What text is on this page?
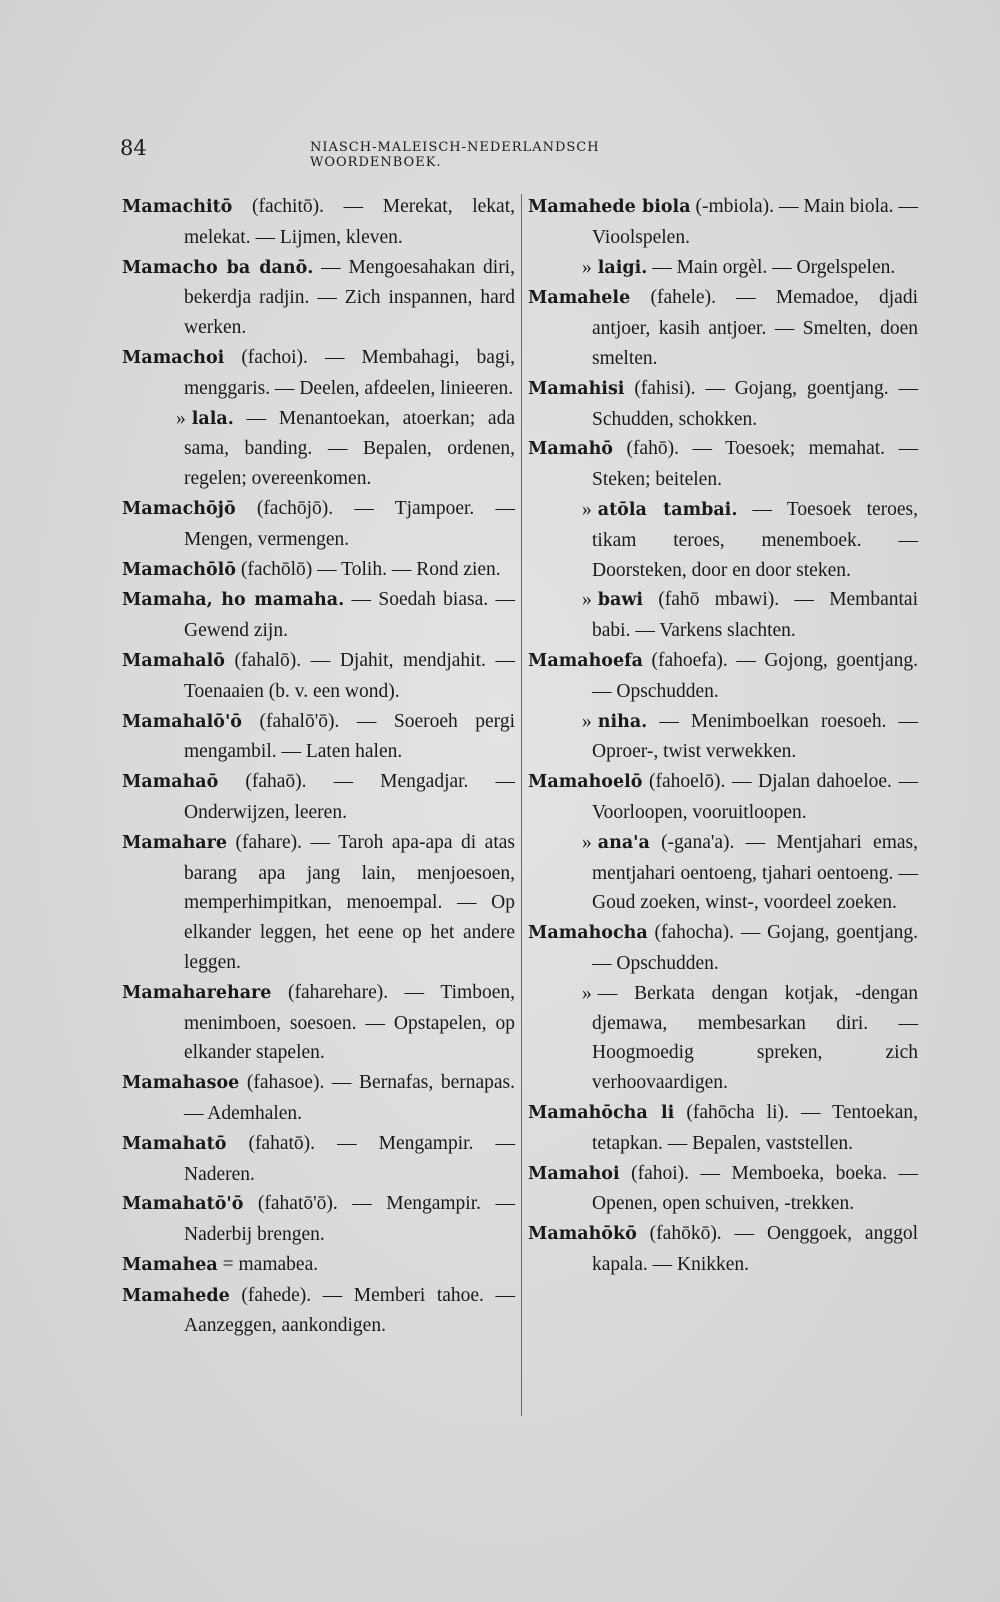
84	NIASCH-MALEISCH-NEDERLANDSCH WOORDENBOEK.

Mamachitō (fachitō). — Merekat, lekat, melekat. — Lijmen, kleven.

Mamacho ba danō. — Mengoesahakan diri, bekerdja radjin. — Zich inspannen, hard werken.

Mamachoi (fachoi). — Membahagi, bagi, menggaris. — Deelen, afdeelen, linieeren.

» lala. — Menantoekan, atoerkan; ada sama, banding. — Bepalen, ordenen, regelen; overeenkomen.

Mamachōjō (fachōjō). — Tjampoer. — Mengen, vermengen.

Mamachōlō (fachōlō) — Tolih. — Rond zien.

Mamaha, ho mamaha. — Soedah biasa. — Gewend zijn.

Mamahalō (fahalō). — Djahit, mendjahit. — Toenaaien (b. v. een wond).

Mamahalō'ō (fahalō'ō). — Soeroeh pergi mengambil. — Laten halen.

Mamahaō (fahaō). — Mengadjar. — Onderwijzen, leeren.

Mamahare (fahare). — Taroh apa-apa di atas barang apa jang lain, menjoesoen, memperhimpitkan, menoempal. — Op elkander leggen, het eene op het andere leggen.

Mamaharehare (faharehare). — Timboen, menimboen, soesoen. — Opstapelen, op elkander stapelen.

Mamahasoe (fahasoe). — Bernafas, bernapas. — Ademhalen.

Mamahatō (fahatō). — Mengampir. — Naderen.

Mamahatō'ō (fahatō'ō). — Mengampir. — Naderbij brengen.

Mamahea = mamabea.

Mamahede (fahede). — Memberi tahoe. — Aanzeggen, aankondigen.

Mamahede biola (-mbiola). — Main biola. — Vioolspelen.

» laigi. — Main orgèl. — Orgelspelen.

Mamahele (fahele). — Memadoe, djadi antjoer, kasih antjoer. — Smelten, doen smelten.

Mamahisi (fahisi). — Gojang, goentjang. — Schudden, schokken.

Mamahō (fahō). — Toesoek; memahat. — Steken; beitelen.

» atōla tambai. — Toesoek teroes, tikam teroes, menemboek. — Doorsteken, door en door steken.

» bawi (fahō mbawi). — Membantai babi. — Varkens slachten.

Mamahoefa (fahoefa). — Gojong, goentjang. — Opschudden.

» niha. — Menimboelkan roesoeh. — Oproer-, twist verwekken.

Mamahoelō (fahoelō). — Djalan dahoeloe. — Voorloopen, vooruitloopen.

» ana'a (-gana'a). — Mentjahari emas, mentjahari oentoeng, tjahari oentoeng. — Goud zoeken, winst-, voordeel zoeken.

Mamahocha (fahocha). — Gojang, goentjang. — Opschudden.

» — Berkata dengan kotjak, -dengan djemawa, membesarkan diri. — Hoogmoedig spreken, zich verhoovaardigen.

Mamahōcha li (fahōcha li). — Tentoekan, tetapkan. — Bepalen, vaststellen.

Mamahoi (fahoi). — Memboeka, boeka. — Openen, open schuiven, -trekken.

Mamahōkō (fahōkō). — Oenggoek, anggol kapala. — Knikken.
